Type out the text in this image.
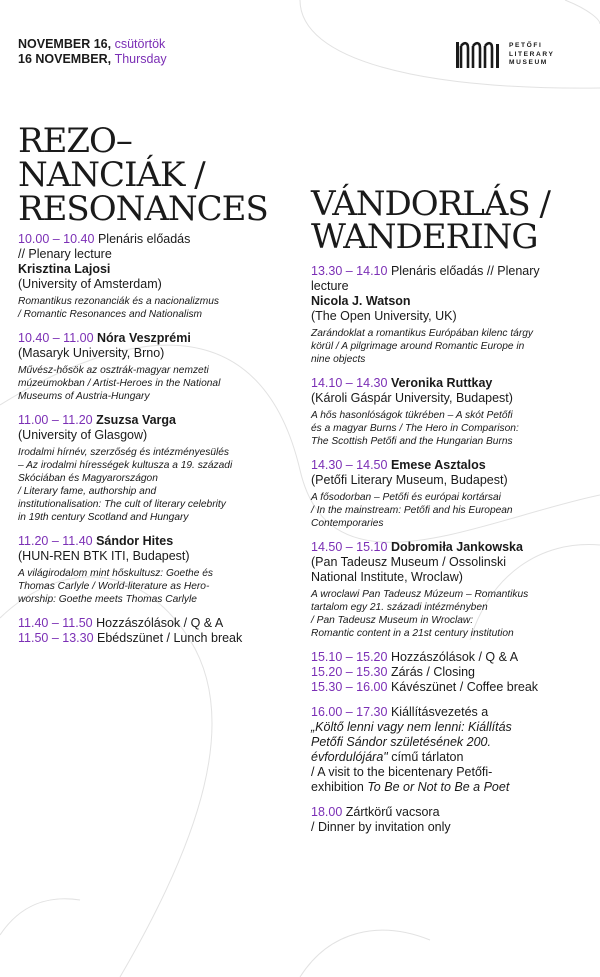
NOVEMBER 16, csütörtök
16 NOVEMBER, Thursday
PETŐFI
LITERARY
MUSEUM
REZO–
NANCIÁK /
RESONANCES
10.00 – 10.40 Plenáris előadás
// Plenary lecture
Krisztina Lajosi
(University of Amsterdam)
Romantikus rezonanciák és a nacionalizmus
/ Romantic Resonances and Nationalism
10.40 – 11.00 Nóra Veszprémi
(Masaryk University, Brno)
Művész-hősök az osztrák-magyar nemzeti
múzeumokban / Artist-Heroes in the National
Museums of Austria-Hungary
11.00 – 11.20 Zsuzsa Varga
(University of Glasgow)
Irodalmi hírnév, szerzőség és intézményesülés
– Az irodalmi hírességek kultusza a 19. századi
Skóciában és Magyarországon
/ Literary fame, authorship and
institutionalisation: The cult of literary celebrity
in 19th century Scotland and Hungary
11.20 – 11.40 Sándor Hites
(HUN-REN BTK ITI, Budapest)
A világirodalom mint hőskultusz: Goethe és
Thomas Carlyle / World-literature as Hero-
worship: Goethe meets Thomas Carlyle
11.40 – 11.50 Hozzászólások / Q & A
11.50 – 13.30 Ebédszünet / Lunch break
VÁNDORLÁS /
WANDERING
13.30 – 14.10 Plenáris előadás // Plenary
lecture
Nicola J. Watson
(The Open University, UK)
Zarándoklat a romantikus Európában kilenc tárgy
körül / A pilgrimage around Romantic Europe in
nine objects
14.10 – 14.30 Veronika Ruttkay
(Károli Gáspár University, Budapest)
A hős hasonlóságok tükrében – A skót Petőfi
és a magyar Burns / The Hero in Comparison:
The Scottish Petőfi and the Hungarian Burns
14.30 – 14.50 Emese Asztalos
(Petőfi Literary Museum, Budapest)
A fősodorban – Petőfi és európai kortársai
/ In the mainstream: Petőfi and his European
Contemporaries
14.50 – 15.10 Dobromiła Jankowska
(Pan Tadeusz Museum / Ossolinski
National Institute, Wroclaw)
A wroclawi Pan Tadeusz Múzeum – Romantikus
tartalom egy 21. századi intézményben
/ Pan Tadeusz Museum in Wroclaw:
Romantic content in a 21st century institution
15.10 – 15.20 Hozzászólások / Q & A
15.20 – 15.30 Zárás / Closing
15.30 – 16.00 Kávészünet / Coffee break
16.00 – 17.30 Kiállításvezetés a
„Költő lenni vagy nem lenni: Kiállítás
Petőfi Sándor születésének 200.
évfordulójára" című tárlaton
/ A visit to the bicentenary Petőfi-
exhibition To Be or Not to Be a Poet
18.00 Zártkörű vacsora
/ Dinner by invitation only
